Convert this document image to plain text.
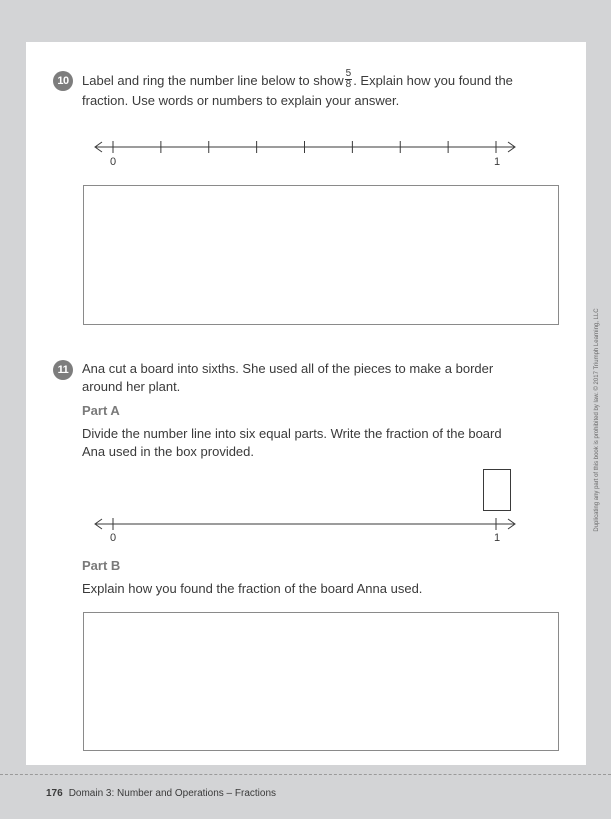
10	Label and ring the number line below to show $\frac{5}{8}$ . Explain how you found the
fraction. Use words or numbers to explain your answer.
0	1
11	Ana cut a board into sixths. She used all of the pieces to make a border
around her plant.
Part A
Divide the number line into six equal parts. Write the fraction of the board
Ana used in the box provided.
0	1
Part B
Explain how you found the fraction of the board Anna used.
176 Domain 3: Number and Operations – Fractions
Duplicating any part of this book is prohibited by law. © 2017 Triumph Learning, LLC
